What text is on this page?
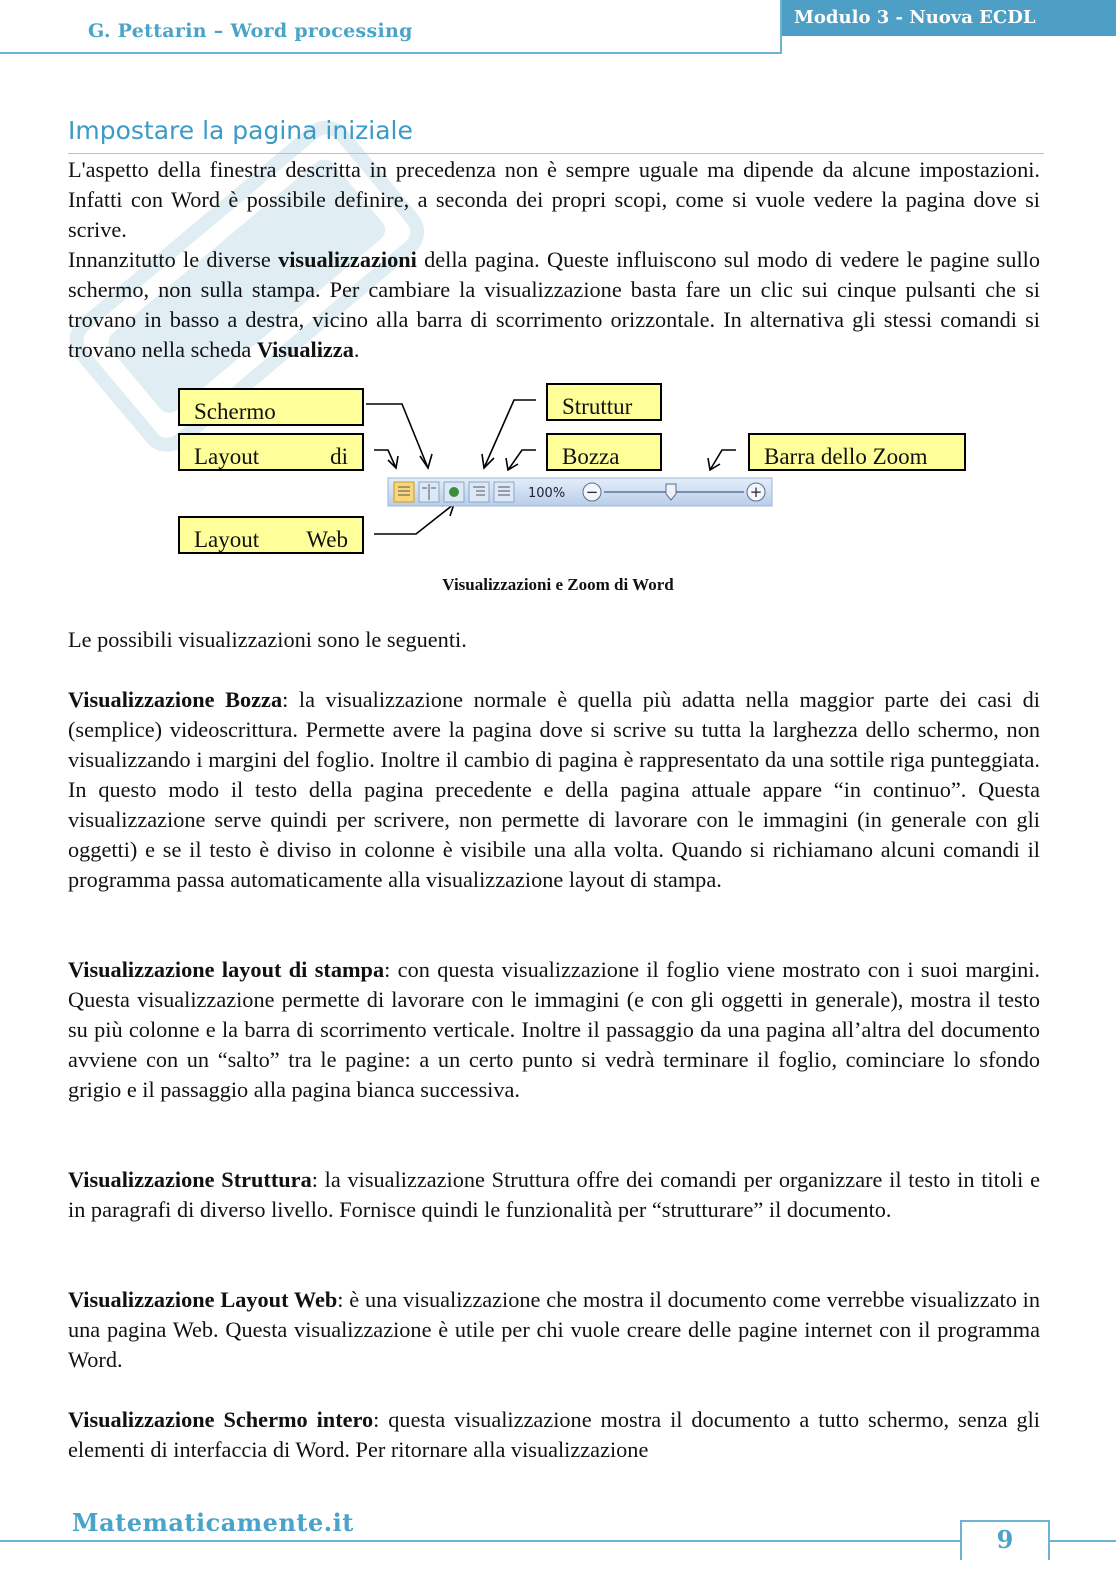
G. Pettarin – Word processing
Modulo 3 - Nuova ECDL
Impostare la pagina iniziale

L'aspetto della finestra descritta in precedenza non è sempre uguale ma dipende da alcune impostazioni. Infatti con Word è possibile definire, a seconda dei propri scopi, come si vuole vedere la pagina dove si scrive.

Innanzitutto le diverse visualizzazioni della pagina. Queste influiscono sul modo di vedere le pagine sullo schermo, non sulla stampa. Per cambiare la visualizzazione basta fare un clic sui cinque pulsanti che si trovano in basso a destra, vicino alla barra di scorrimento orizzontale. In alternativa gli stessi comandi si trovano nella scheda Visualizza.

100% −	+
Schermo
Layout	di
Layout Web
Struttur
Bozza	Barra dello Zoom
Visualizzazioni e Zoom di Word

Le possibili visualizzazioni sono le seguenti.

Visualizzazione Bozza: la visualizzazione normale è quella più adatta nella maggior parte dei casi di (semplice) videoscrittura. Permette avere la pagina dove si scrive su tutta la larghezza dello schermo, non visualizzando i margini del foglio. Inoltre il cambio di pagina è rappresentato da una sottile riga punteggiata. In questo modo il testo della pagina precedente e della pagina attuale appare “in continuo”. Questa visualizzazione serve quindi per scrivere, non permette di lavorare con le immagini (in generale con gli oggetti) e se il testo è diviso in colonne è visibile una alla volta. Quando si richiamano alcuni comandi il programma passa automaticamente alla visualizzazione layout di stampa.

Visualizzazione layout di stampa: con questa visualizzazione il foglio viene mostrato con i suoi margini. Questa visualizzazione permette di lavorare con le immagini (e con gli oggetti in generale), mostra il testo su più colonne e la barra di scorrimento verticale. Inoltre il passaggio da una pagina all’altra del documento avviene con un “salto” tra le pagine: a un certo punto si vedrà terminare il foglio, cominciare lo sfondo grigio e il passaggio alla pagina bianca successiva.

Visualizzazione Struttura: la visualizzazione Struttura offre dei comandi per organizzare il testo in titoli e in paragrafi di diverso livello. Fornisce quindi le funzionalità per “strutturare” il documento.

Visualizzazione Layout Web: è una visualizzazione che mostra il documento come verrebbe visualizzato in una pagina Web. Questa visualizzazione è utile per chi vuole creare delle pagine internet con il programma Word.

Visualizzazione Schermo intero: questa visualizzazione mostra il documento a tutto schermo, senza gli elementi di interfaccia di Word. Per ritornare alla visualizzazione

Matematicamente.it
9
